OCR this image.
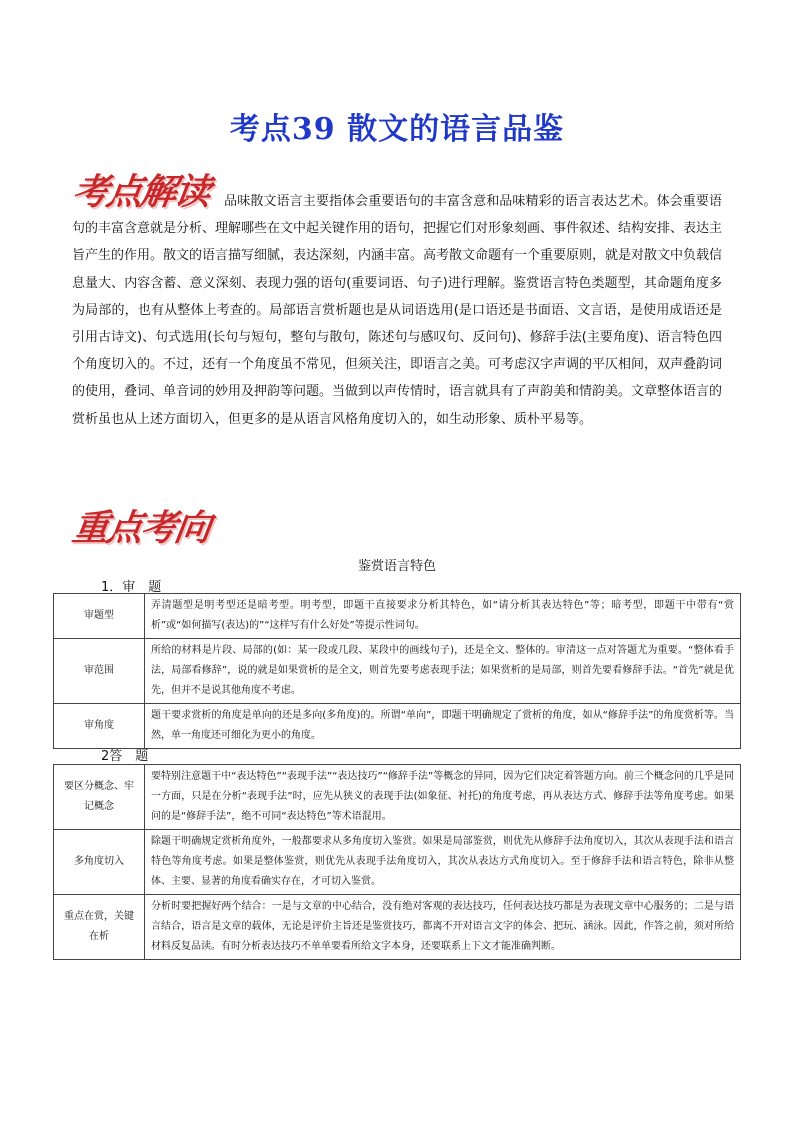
考点39 散文的语言品鉴
考点解读 品味散文语言主要指体会重要语句的丰富含意和品味精彩的语言表达艺术。体会重要语句的丰富含意就是分析、理解哪些在文中起关键作用的语句，把握它们对形象刻画、事件叙述、结构安排、表达主旨产生的作用。散文的语言描写细腻，表达深刻，内涵丰富。高考散文命题有一个重要原则，就是对散文中负载信息量大、内容含蓄、意义深刻、表现力强的语句(重要词语、句子)进行理解。鉴赏语言特色类题型，其命题角度多为局部的，也有从整体上考查的。局部语言赏析题也是从词语选用(是口语还是书面语、文言语，是使用成语还是引用古诗文)、句式选用(长句与短句，整句与散句，陈述句与感叹句、反问句)、修辞手法(主要角度)、语言特色四个角度切入的。不过，还有一个角度虽不常见，但须关注，即语言之美。可考虑汉字声调的平仄相间，双声叠韵词的使用，叠词、单音词的妙用及押韵等问题。当做到以声传情时，语言就具有了声韵美和情韵美。文章整体语言的赏析虽也从上述方面切入，但更多的是从语言风格角度切入的，如生动形象、质朴平易等。
重点考向
鉴赏语言特色
1．审　题
审题型	弄清题型是明考型还是暗考型。明考型，即题干直接要求分析其特色，如“请分析其表达特色”等；暗考型，即题干中带有“赏析”或“如何描写(表达)的”“这样写有什么好处”等提示性词句。
审范围	所给的材料是片段、局部的(如：某一段或几段、某段中的画线句子)，还是全文、整体的。审清这一点对答题尤为重要。“整体看手法，局部看修辞”，说的就是如果赏析的是全文，则首先要考虑表现手法；如果赏析的是局部，则首先要看修辞手法。“首先”就是优先，但并不是说其他角度不考虑。
审角度	题干要求赏析的角度是单向的还是多向(多角度)的。所谓“单向”，即题干明确规定了赏析的角度，如从“修辞手法”的角度赏析等。当然，单一角度还可细化为更小的角度。
2答　题
要区分概念、牢记概念	要特别注意题干中“表达特色”“表现手法”“表达技巧”“修辞手法”等概念的异同，因为它们决定着答题方向。前三个概念问的几乎是同一方面，只是在分析“表现手法”时，应先从狭义的表现手法(如象征、衬托)的角度考虑，再从表达方式、修辞手法等角度考虑。如果问的是“修辞手法”，绝不可同“表达特色”等术语混用。
多角度切入	除题干明确规定赏析角度外，一般都要求从多角度切入鉴赏。如果是局部鉴赏，则优先从修辞手法角度切入，其次从表现手法和语言特色等角度考虑。如果是整体鉴赏，则优先从表现手法角度切入，其次从表达方式角度切入。至于修辞手法和语言特色，除非从整体、主要、显著的角度看确实存在，才可切入鉴赏。
重点在赏，关键在析	分析时要把握好两个结合：一是与文章的中心结合，没有绝对客观的表达技巧，任何表达技巧都是为表现文章中心服务的；二是与语言结合，语言是文章的载体，无论是评价主旨还是鉴赏技巧，都离不开对语言文字的体会、把玩、涵泳。因此，作答之前，须对所给材料反复品读。有时分析表达技巧不单单要看所给文字本身，还要联系上下文才能准确判断。
